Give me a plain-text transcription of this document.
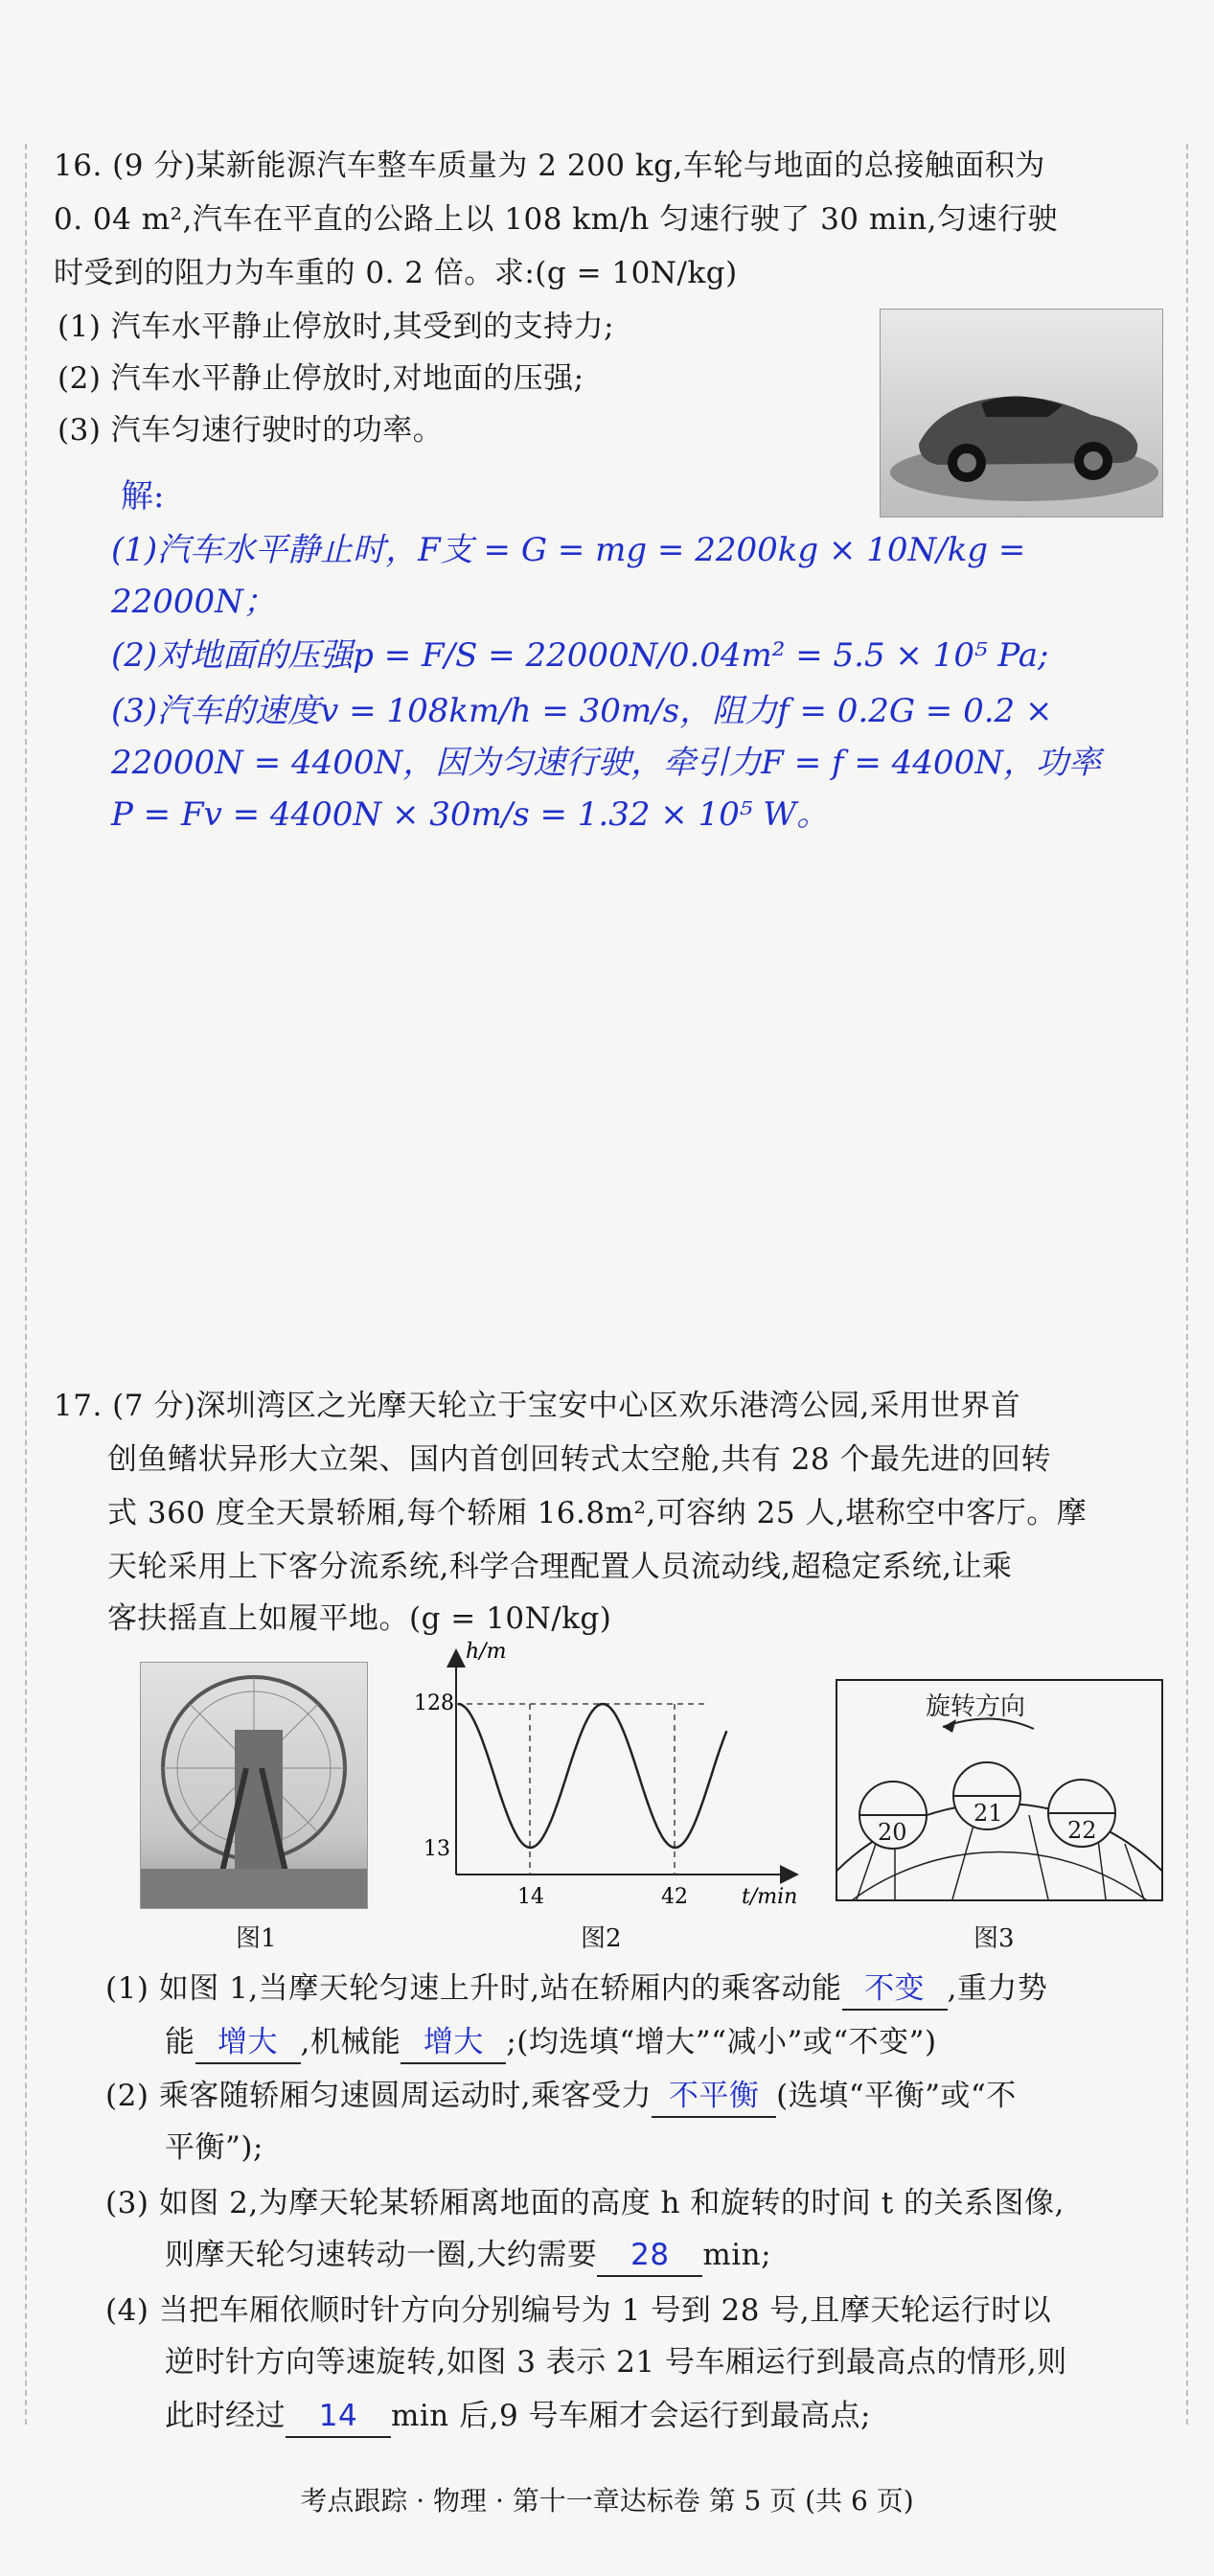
16. (9 分)某新能源汽车整车质量为 2 200 kg,车轮与地面的总接触面积为
0. 04 m²,汽车在平直的公路上以 108 km/h 匀速行驶了 30 min,匀速行驶
时受到的阻力为车重的 0. 2 倍。求:(g = 10N/kg)
(1) 汽车水平静止停放时,其受到的支持力;
(2) 汽车水平静止停放时,对地面的压强;
(3) 汽车匀速行驶时的功率。
解:
(1)汽车水平静止时，F支 = G = mg = 2200kg × 10N/kg =
22000N；
(2)对地面的压强p = F/S = 22000N/0.04m² = 5.5 × 10⁵ Pa;
(3)汽车的速度v = 108km/h = 30m/s，阻力f = 0.2G = 0.2 ×
22000N = 4400N，因为匀速行驶，牵引力F = f = 4400N，功率
P = Fv = 4400N × 30m/s = 1.32 × 10⁵ W。
17. (7 分)深圳湾区之光摩天轮立于宝安中心区欢乐港湾公园,采用世界首
创鱼鳍状异形大立架、国内首创回转式太空舱,共有 28 个最先进的回转
式 360 度全天景轿厢,每个轿厢 16.8m²,可容纳 25 人,堪称空中客厅。摩
天轮采用上下客分流系统,科学合理配置人员流动线,超稳定系统,让乘
客扶摇直上如履平地。(g = 10N/kg)
图1
h/m
t/min
128
13
14	42
图2
旋转方向
20
21
22
图3
(1) 如图 1,当摩天轮匀速上升时,站在轿厢内的乘客动能 不变 ,重力势
能 增大 ,机械能 增大 ;(均选填“增大”“减小”或“不变”)
(2) 乘客随轿厢匀速圆周运动时,乘客受力 不平衡 (选填“平衡”或“不
平衡”);
(3) 如图 2,为摩天轮某轿厢离地面的高度 h 和旋转的时间 t 的关系图像,
则摩天轮匀速转动一圈,大约需要 28 min;
(4) 当把车厢依顺时针方向分别编号为 1 号到 28 号,且摩天轮运行时以
逆时针方向等速旋转,如图 3 表示 21 号车厢运行到最高点的情形,则
此时经过 14 min 后,9 号车厢才会运行到最高点;
考点跟踪 · 物理 · 第十一章达标卷 第 5 页 (共 6 页)
